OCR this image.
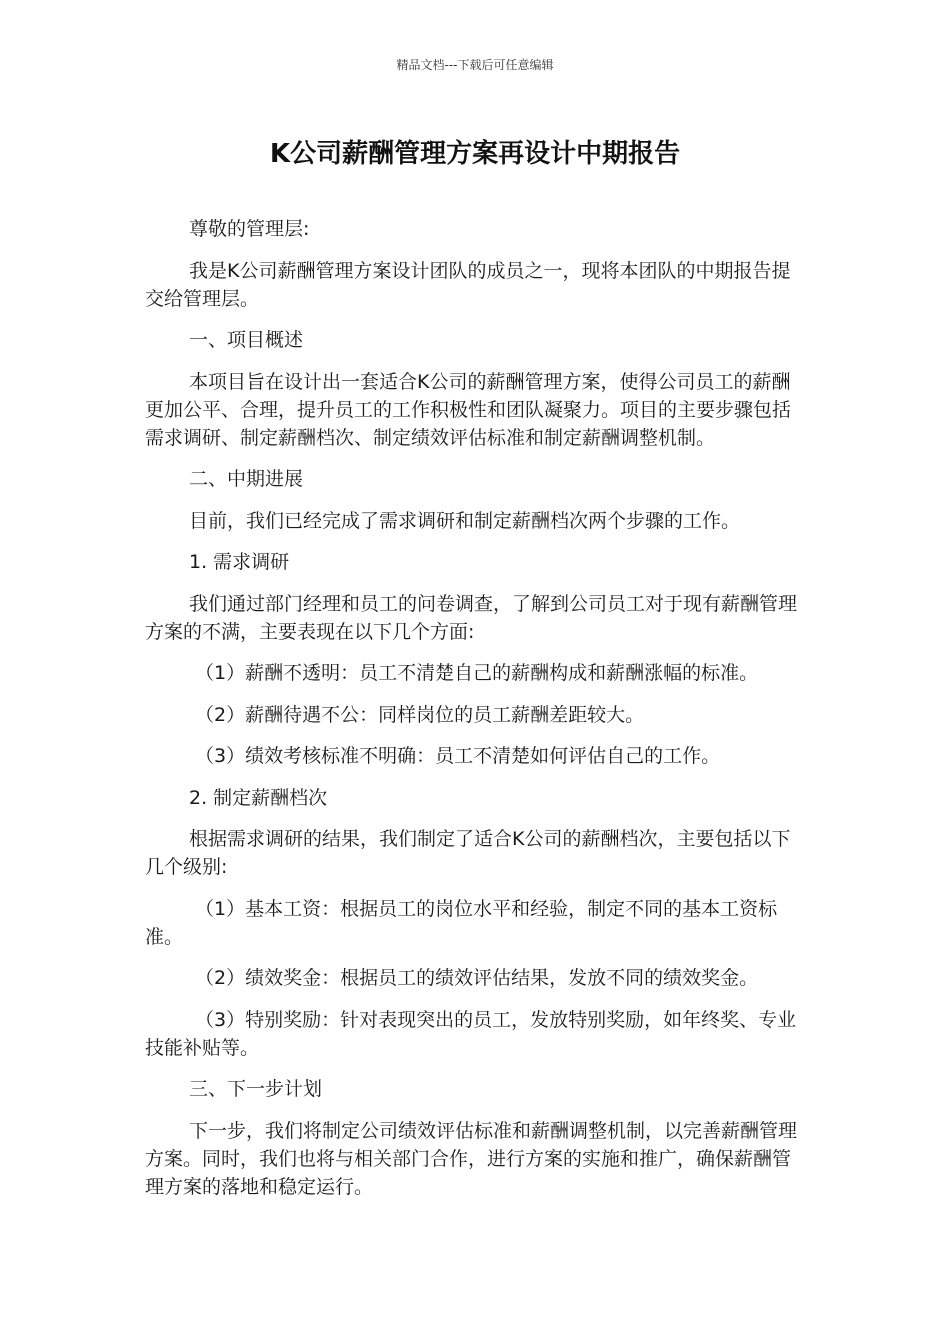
精品文档---下载后可任意编辑
K公司薪酬管理方案再设计中期报告

尊敬的管理层:

我是K公司薪酬管理方案设计团队的成员之一，现将本团队的中期报告提交给管理层。

一、项目概述

本项目旨在设计出一套适合K公司的薪酬管理方案，使得公司员工的薪酬更加公平、合理，提升员工的工作积极性和团队凝聚力。项目的主要步骤包括需求调研、制定薪酬档次、制定绩效评估标准和制定薪酬调整机制。

二、中期进展

目前，我们已经完成了需求调研和制定薪酬档次两个步骤的工作。

1. 需求调研

我们通过部门经理和员工的问卷调查，了解到公司员工对于现有薪酬管理方案的不满，主要表现在以下几个方面:

（1）薪酬不透明：员工不清楚自己的薪酬构成和薪酬涨幅的标准。

（2）薪酬待遇不公：同样岗位的员工薪酬差距较大。

（3）绩效考核标准不明确：员工不清楚如何评估自己的工作。

2. 制定薪酬档次

根据需求调研的结果，我们制定了适合K公司的薪酬档次，主要包括以下几个级别:

（1）基本工资：根据员工的岗位水平和经验，制定不同的基本工资标准。

（2）绩效奖金：根据员工的绩效评估结果，发放不同的绩效奖金。

（3）特别奖励：针对表现突出的员工，发放特别奖励，如年终奖、专业技能补贴等。

三、下一步计划

下一步，我们将制定公司绩效评估标准和薪酬调整机制，以完善薪酬管理方案。同时，我们也将与相关部门合作，进行方案的实施和推广，确保薪酬管理方案的落地和稳定运行。
